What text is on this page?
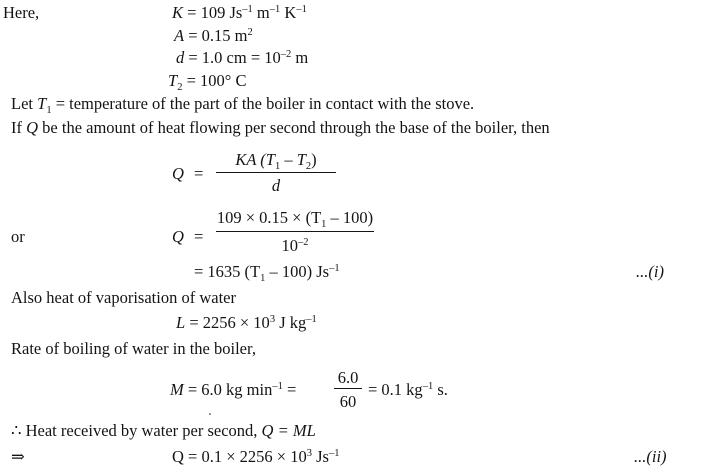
Here,	K = 109 $Js^{-1}$ $m^{-1}$ $K^{-1}$
A = 0.15 $m^2$
d = 1.0 cm = $10^{-2}$ m
$T_2 = 100^\circ$ C
Let $T_1$ = temperature of the part of the boiler in contact with the stove.
If Q be the amount of heat flowing per second through the base of the boiler, then
Q =
KA $(T_1 - T_2)$
d
or	Q =
$109 \times 0.15 \times (T_1 - 100)$
$10^{-2}$
= 1635 $(T_1 - 100)$ $Js^{-1}$	...(i)
Also heat of vaporisation of water
$L = 2256 \times 10^3$ J $kg^{-1}$
Rate of boiling of water in the boiler,
M = 6.0 kg $\min^{-1}$ =
6.0
60
= 0.1 $kg^{-1}$ s.
∴ Heat received by water per second, Q = ML
⇒	$Q = 0.1 \times 2256 \times 10^3$ $Js^{-1}$	...(ii)
